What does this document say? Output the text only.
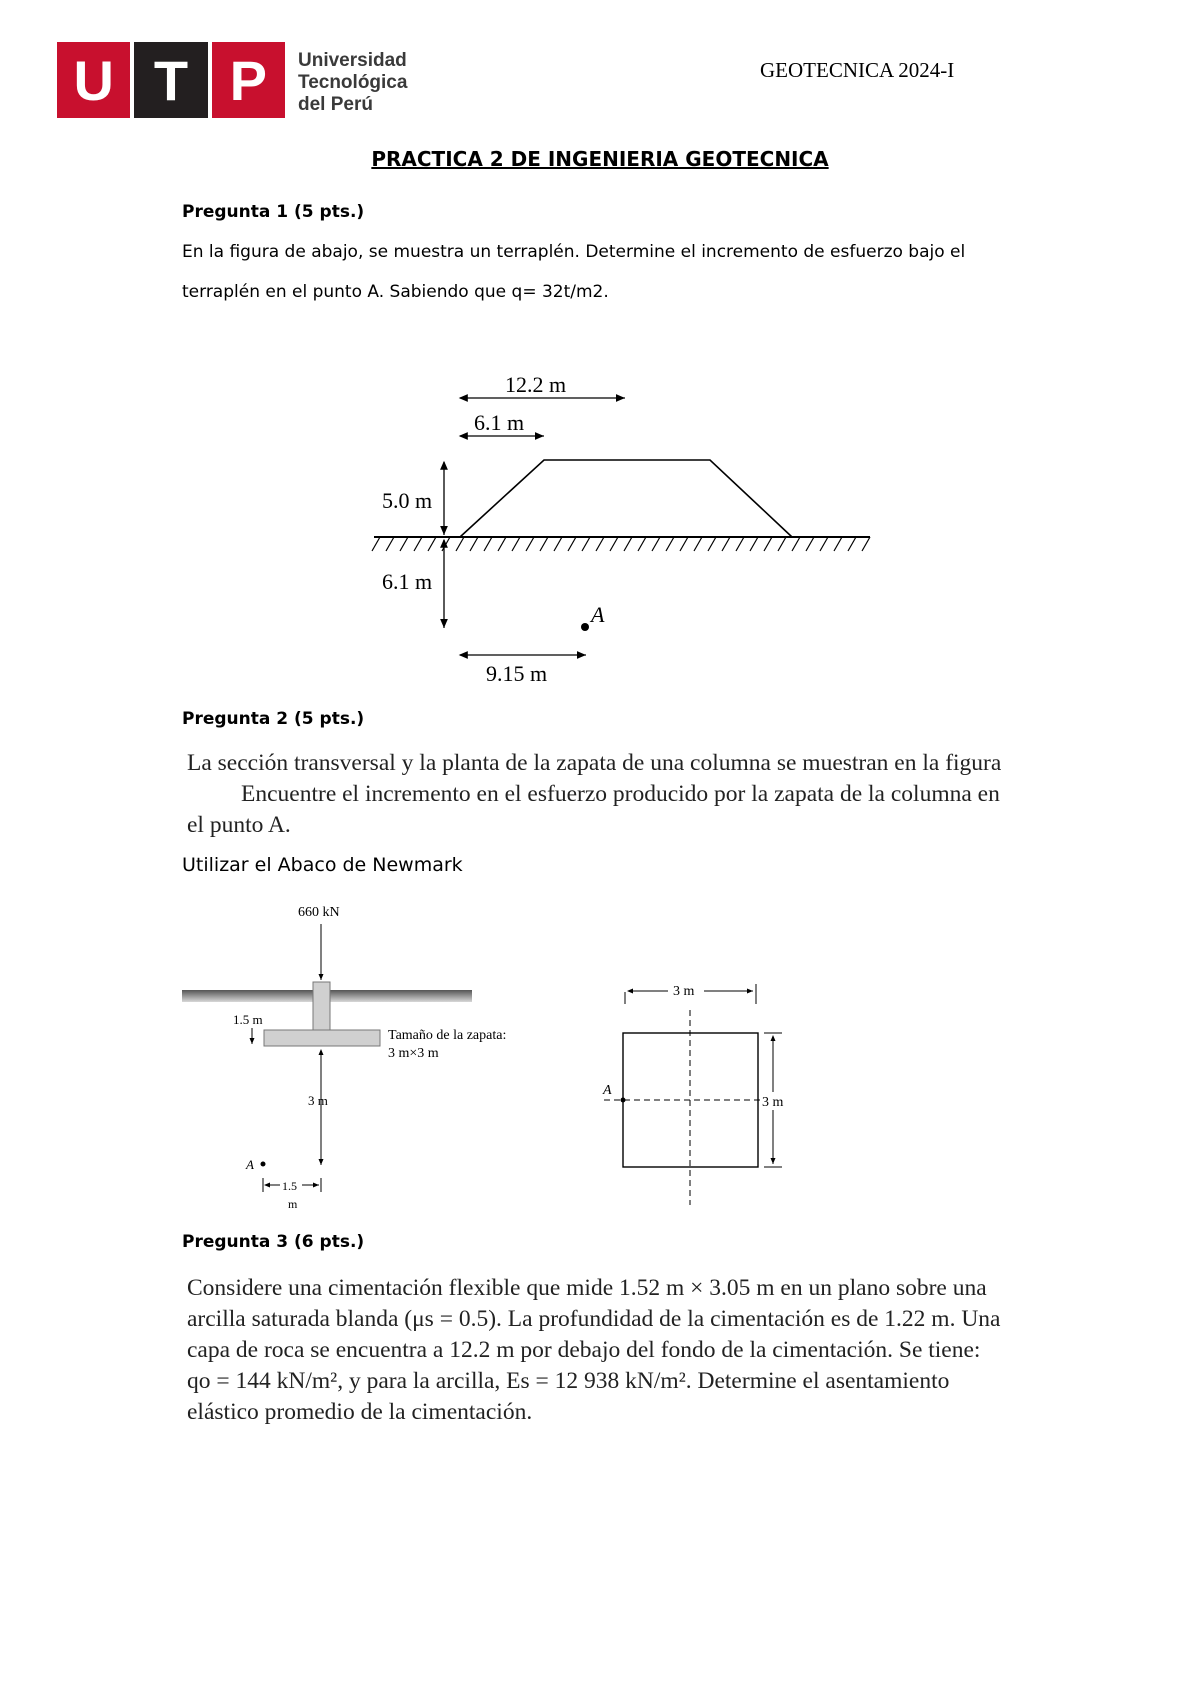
U T P	Universidad
Tecnológica
del Perú
GEOTECNICA 2024-I
PRACTICA 2 DE INGENIERIA GEOTECNICA
Pregunta 1 (5 pts.)
En la figura de abajo, se muestra un terraplén. Determine el incremento de esfuerzo bajo el
terraplén en el punto A. Sabiendo que q= 32t/m2.
12.2 m
6.1 m
5.0 m
6.1 m
A
9.15 m
Pregunta 2 (5 pts.)
La sección transversal y la planta de la zapata de una columna se muestran en la figura
Encuentre el incremento en el esfuerzo producido por la zapata de la columna en
el punto A.
Utilizar el Abaco de Newmark
660 kN
1.5 m
Tamaño de la zapata:
3 m×3 m
3 m
A
1.5
m
3 m
A
3 m
Pregunta 3 (6 pts.)
Considere una cimentación flexible que mide 1.52 m × 3.05 m en un plano sobre una
arcilla saturada blanda (μs = 0.5). La profundidad de la cimentación es de 1.22 m. Una
capa de roca se encuentra a 12.2 m por debajo del fondo de la cimentación. Se tiene:
qo = 144 kN/m², y para la arcilla, Es = 12 938 kN/m². Determine el asentamiento
elástico promedio de la cimentación.
